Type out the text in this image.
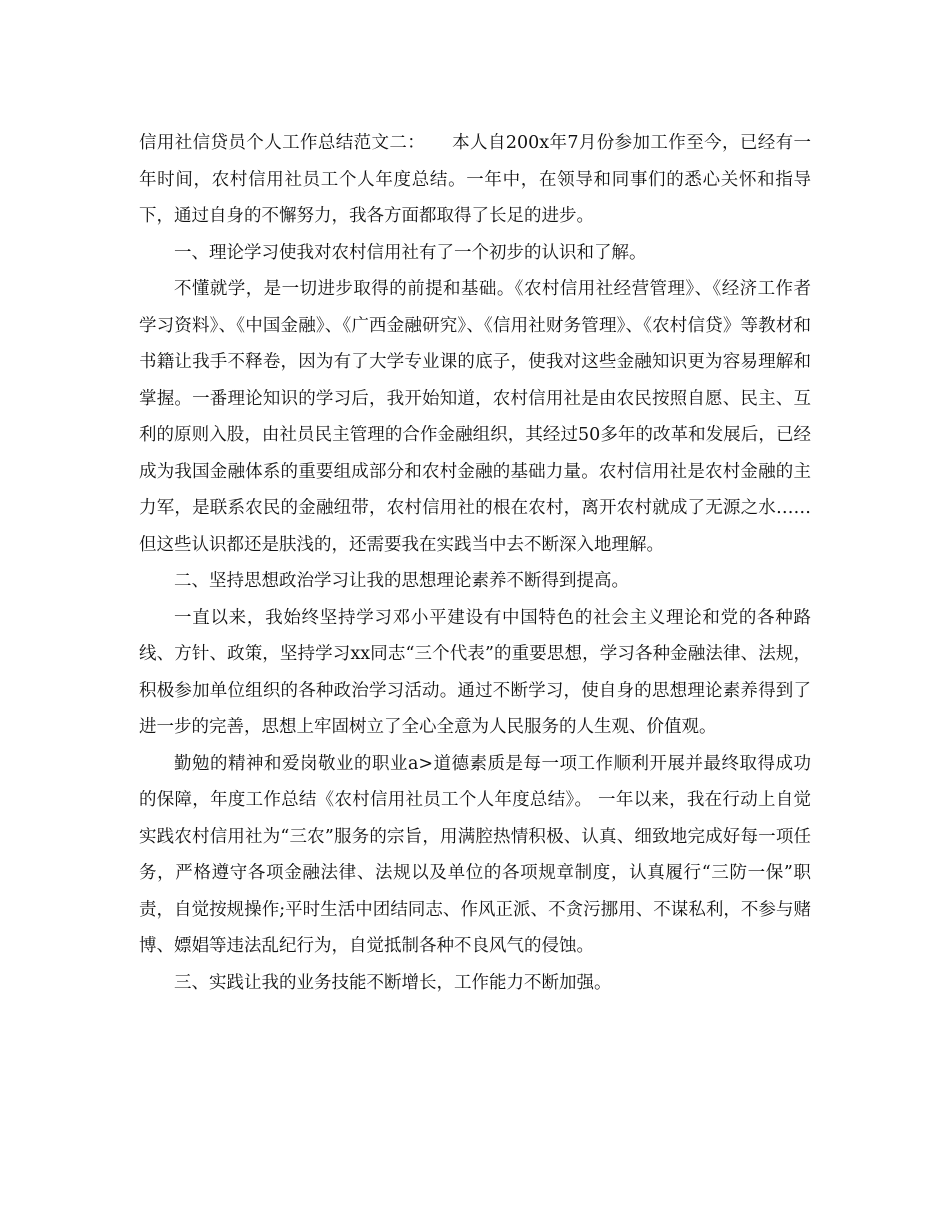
信用社信贷员个人工作总结范文二：　　本人自200x年7月份参加工作至今，已经有一年时间，农村信用社员工个人年度总结。一年中，在领导和同事们的悉心关怀和指导下，通过自身的不懈努力，我各方面都取得了长足的进步。

一、理论学习使我对农村信用社有了一个初步的认识和了解。

不懂就学，是一切进步取得的前提和基础。《农村信用社经营管理》、《经济工作者学习资料》、《中国金融》、《广西金融研究》、《信用社财务管理》、《农村信贷》等教材和书籍让我手不释卷，因为有了大学专业课的底子，使我对这些金融知识更为容易理解和掌握。一番理论知识的学习后，我开始知道，农村信用社是由农民按照自愿、民主、互利的原则入股，由社员民主管理的合作金融组织，其经过50多年的改革和发展后，已经成为我国金融体系的重要组成部分和农村金融的基础力量。农村信用社是农村金融的主力军，是联系农民的金融纽带，农村信用社的根在农村，离开农村就成了无源之水……但这些认识都还是肤浅的，还需要我在实践当中去不断深入地理解。

二、坚持思想政治学习让我的思想理论素养不断得到提高。

一直以来，我始终坚持学习邓小平建设有中国特色的社会主义理论和党的各种路线、方针、政策，坚持学习xx同志“三个代表”的重要思想，学习各种金融法律、法规，积极参加单位组织的各种政治学习活动。通过不断学习，使自身的思想理论素养得到了进一步的完善，思想上牢固树立了全心全意为人民服务的人生观、价值观。

勤勉的精神和爱岗敬业的职业a>道德素质是每一项工作顺利开展并最终取得成功的保障，年度工作总结《农村信用社员工个人年度总结》。 一年以来，我在行动上自觉实践农村信用社为“三农”服务的宗旨，用满腔热情积极、认真、细致地完成好每一项任务，严格遵守各项金融法律、法规以及单位的各项规章制度，认真履行“三防一保”职责，自觉按规操作;平时生活中团结同志、作风正派、不贪污挪用、不谋私利，不参与赌博、嫖娼等违法乱纪行为，自觉抵制各种不良风气的侵蚀。

三、实践让我的业务技能不断增长，工作能力不断加强。
